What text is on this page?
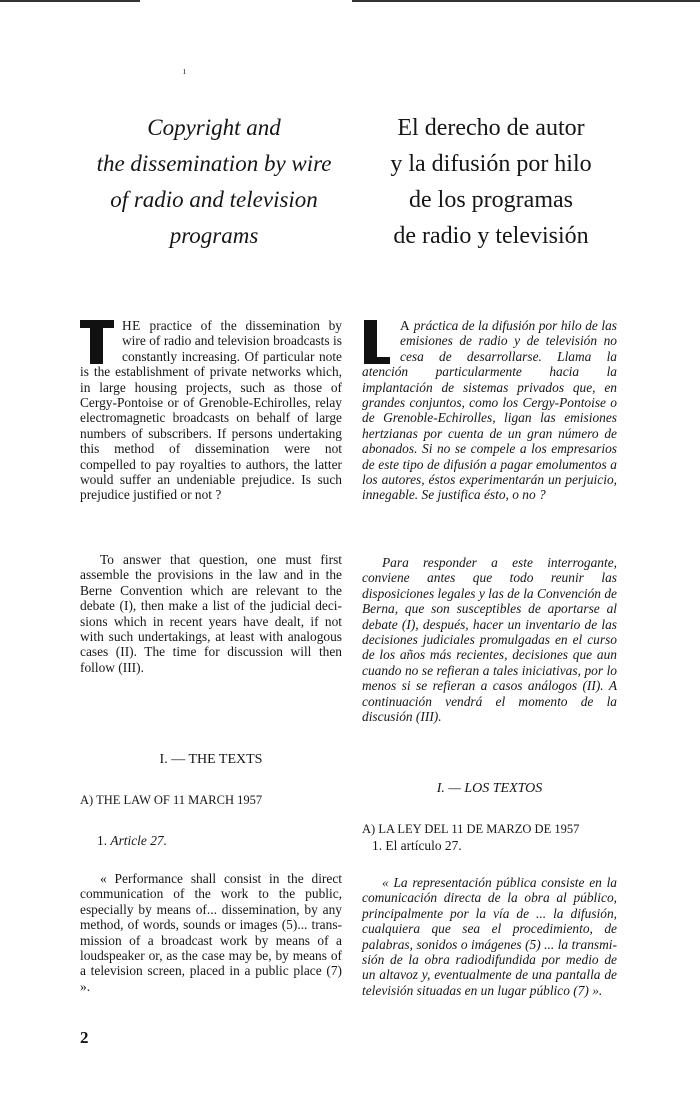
ı
Copyright and
the dissemination by wire
of radio and television
programs
El derecho de autor
y la difusión por hilo
de los programas
de radio y televisión

HE practice of the dissemination by wire of radio and television broadcasts is constantly increasing. Of particular note is the establishment of private networks which, in large housing projects, such as those of Cergy-Pontoise or of Grenoble-Echirolles, relay electromagnetic broadcasts on behalf of large numbers of subscribers. If persons undertaking this method of dissemination were not compelled to pay royalties to authors, the latter would suffer an undeniable prejudice. Is such prejudice justified or not ?

To answer that question, one must first assemble the provisions in the law and in the Berne Convention which are relevant to the debate (I), then make a list of the judicial decisions which in recent years have dealt, if not with such undertakings, at least with analogous cases (II). The time for discussion will then follow (III).

I. — THE TEXTS

A) THE LAW OF 11 MARCH 1957

1. Article 27.

« Performance shall consist in the direct communication of the work to the public, especially by means of... dissemination, by any method, of words, sounds or images (5)... transmission of a broadcast work by means of a loudspeaker or, as the case may be, by means of a television screen, placed in a public place (7) ».

A práctica de la difusión por hilo de las emisiones de radio y de televisión no cesa de desarrollarse. Llama la atención particularmente hacia la implantación de sistemas privados que, en grandes conjuntos, como los Cergy-Pontoise o de Grenoble-Echirolles, ligan las emisiones hertzianas por cuenta de un gran número de abonados. Si no se compele a los empresarios de este tipo de difusión a pagar emolumentos a los autores, éstos experimentarán un perjuicio, innegable. Se justifica ésto, o no ?

Para responder a este interrogante, conviene antes que todo reunir las disposiciones legales y las de la Convención de Berna, que son susceptibles de aportarse al debate (I), después, hacer un inventario de las decisiones judiciales promulgadas en el curso de los años más recientes, decisiones que aun cuando no se refieran a tales iniciativas, por lo menos si se refieran a casos análogos (II). A continuación vendrá el momento de la discusión (III).

I. — LOS TEXTOS

A) LA LEY DEL 11 DE MARZO DE 1957

1. El artículo 27.

« La representación pública consiste en la comunicación directa de la obra al público, principalmente por la vía de ... la difusión, cualquiera que sea el procedimiento, de palabras, sonidos o imágenes (5) ... la transmisión de la obra radiodifundida por medio de un altavoz y, eventualmente de una pantalla de televisión situadas en un lugar público (7) ».

2
